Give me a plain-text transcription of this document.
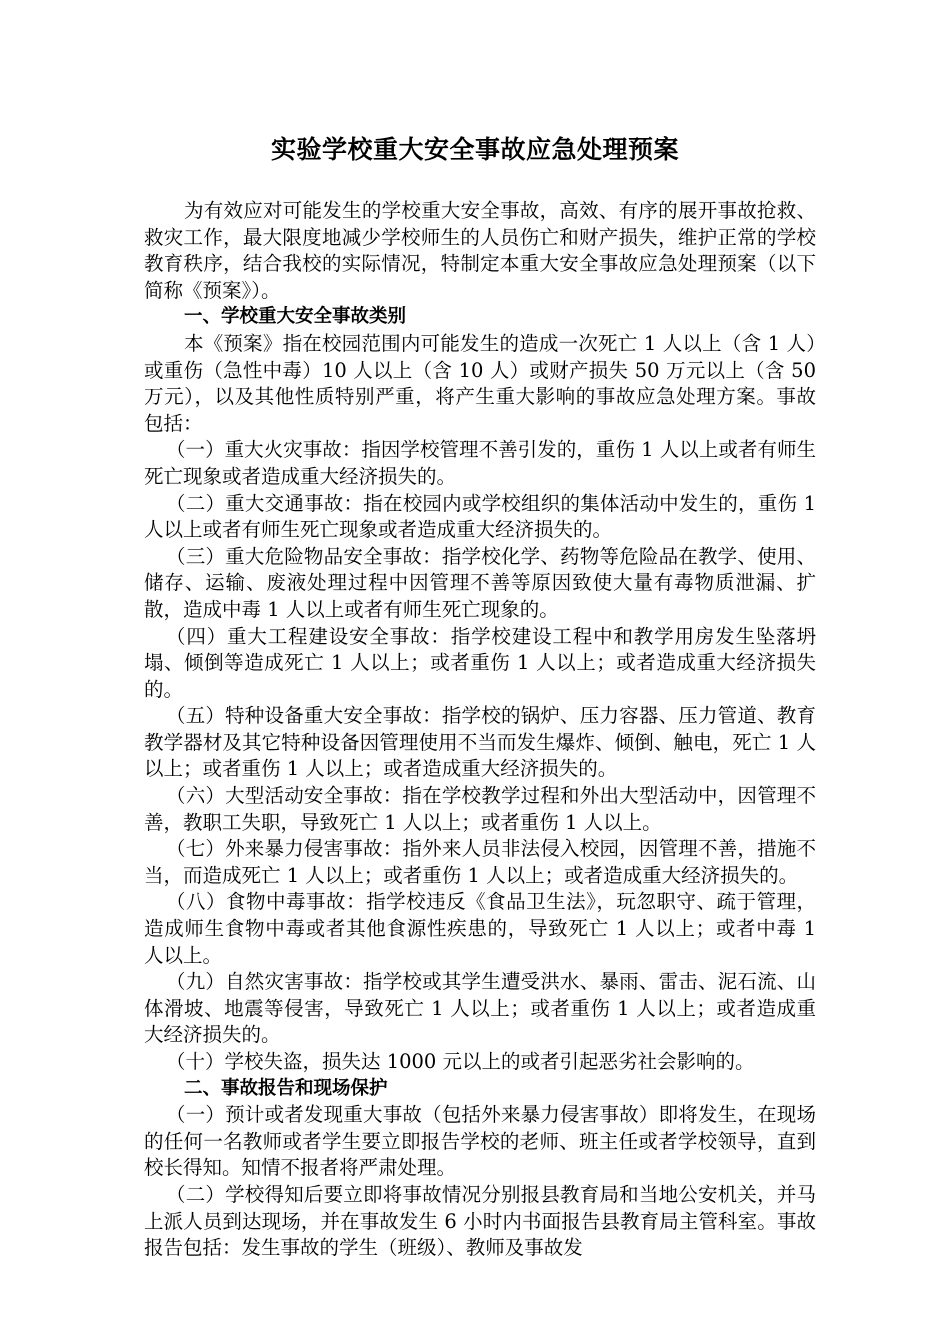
实验学校重大安全事故应急处理预案

为有效应对可能发生的学校重大安全事故，高效、有序的展开事故抢救、救灾工作，最大限度地减少学校师生的人员伤亡和财产损失，维护正常的学校教育秩序，结合我校的实际情况，特制定本重大安全事故应急处理预案（以下简称《预案》）。

一、学校重大安全事故类别

本《预案》指在校园范围内可能发生的造成一次死亡 1 人以上（含 1 人）或重伤（急性中毒）10 人以上（含 10 人）或财产损失 50 万元以上（含 50 万元），以及其他性质特别严重，将产生重大影响的事故应急处理方案。事故包括：

（一）重大火灾事故：指因学校管理不善引发的，重伤 1 人以上或者有师生死亡现象或者造成重大经济损失的。

（二）重大交通事故：指在校园内或学校组织的集体活动中发生的，重伤 1 人以上或者有师生死亡现象或者造成重大经济损失的。

（三）重大危险物品安全事故：指学校化学、药物等危险品在教学、使用、储存、运输、废液处理过程中因管理不善等原因致使大量有毒物质泄漏、扩散，造成中毒 1 人以上或者有师生死亡现象的。

（四）重大工程建设安全事故：指学校建设工程中和教学用房发生坠落坍塌、倾倒等造成死亡 1 人以上；或者重伤 1 人以上；或者造成重大经济损失的。

（五）特种设备重大安全事故：指学校的锅炉、压力容器、压力管道、教育教学器材及其它特种设备因管理使用不当而发生爆炸、倾倒、触电，死亡 1 人以上；或者重伤 1 人以上；或者造成重大经济损失的。

（六）大型活动安全事故：指在学校教学过程和外出大型活动中，因管理不善，教职工失职，导致死亡 1 人以上；或者重伤 1 人以上。

（七）外来暴力侵害事故：指外来人员非法侵入校园，因管理不善，措施不当，而造成死亡 1 人以上；或者重伤 1 人以上；或者造成重大经济损失的。

（八）食物中毒事故：指学校违反《食品卫生法》，玩忽职守、疏于管理，造成师生食物中毒或者其他食源性疾患的，导致死亡 1 人以上；或者中毒 1 人以上。

（九）自然灾害事故：指学校或其学生遭受洪水、暴雨、雷击、泥石流、山体滑坡、地震等侵害，导致死亡 1 人以上；或者重伤 1 人以上；或者造成重大经济损失的。

（十）学校失盗，损失达 1000 元以上的或者引起恶劣社会影响的。

二、事故报告和现场保护

（一）预计或者发现重大事故（包括外来暴力侵害事故）即将发生，在现场的任何一名教师或者学生要立即报告学校的老师、班主任或者学校领导，直到校长得知。知情不报者将严肃处理。

（二）学校得知后要立即将事故情况分别报县教育局和当地公安机关，并马上派人员到达现场，并在事故发生 6 小时内书面报告县教育局主管科室。事故报告包括：发生事故的学生（班级）、教师及事故发
